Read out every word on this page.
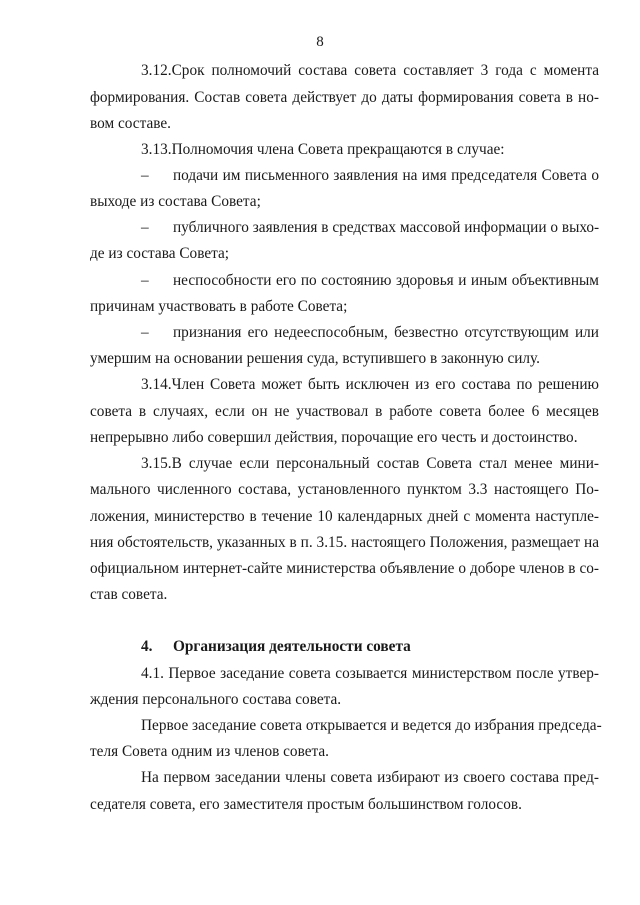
8
3.12.Срок полномочий состава совета составляет 3 года с момента
формирования. Состав совета действует до даты формирования совета в но-
вом составе.
3.13.Полномочия члена Совета прекращаются в случае:
– подачи им письменного заявления на имя председателя Совета о
выходе из состава Совета;
– публичного заявления в средствах массовой информации о выхо-
де из состава Совета;
– неспособности его по состоянию здоровья и иным объективным
причинам участвовать в работе Совета;
– признания его недееспособным, безвестно отсутствующим или
умершим на основании решения суда, вступившего в законную силу.
3.14.Член Совета может быть исключен из его состава по решению
совета в случаях, если он не участвовал в работе совета более 6 месяцев
непрерывно либо совершил действия, порочащие его честь и достоинство.
3.15.В случае если персональный состав Совета стал менее мини-
мального численного состава, установленного пунктом 3.3 настоящего По-
ложения, министерство в течение 10 календарных дней с момента наступле-
ния обстоятельств, указанных в п. 3.15. настоящего Положения, размещает на
официальном интернет-сайте министерства объявление о доборе членов в со-
став совета.
4. Организация деятельности совета
4.1. Первое заседание совета созывается министерством после утвер-
ждения персонального состава совета.
Первое заседание совета открывается и ведется до избрания председа-
теля Совета одним из членов совета.
На первом заседании члены совета избирают из своего состава пред-
седателя совета, его заместителя простым большинством голосов.
